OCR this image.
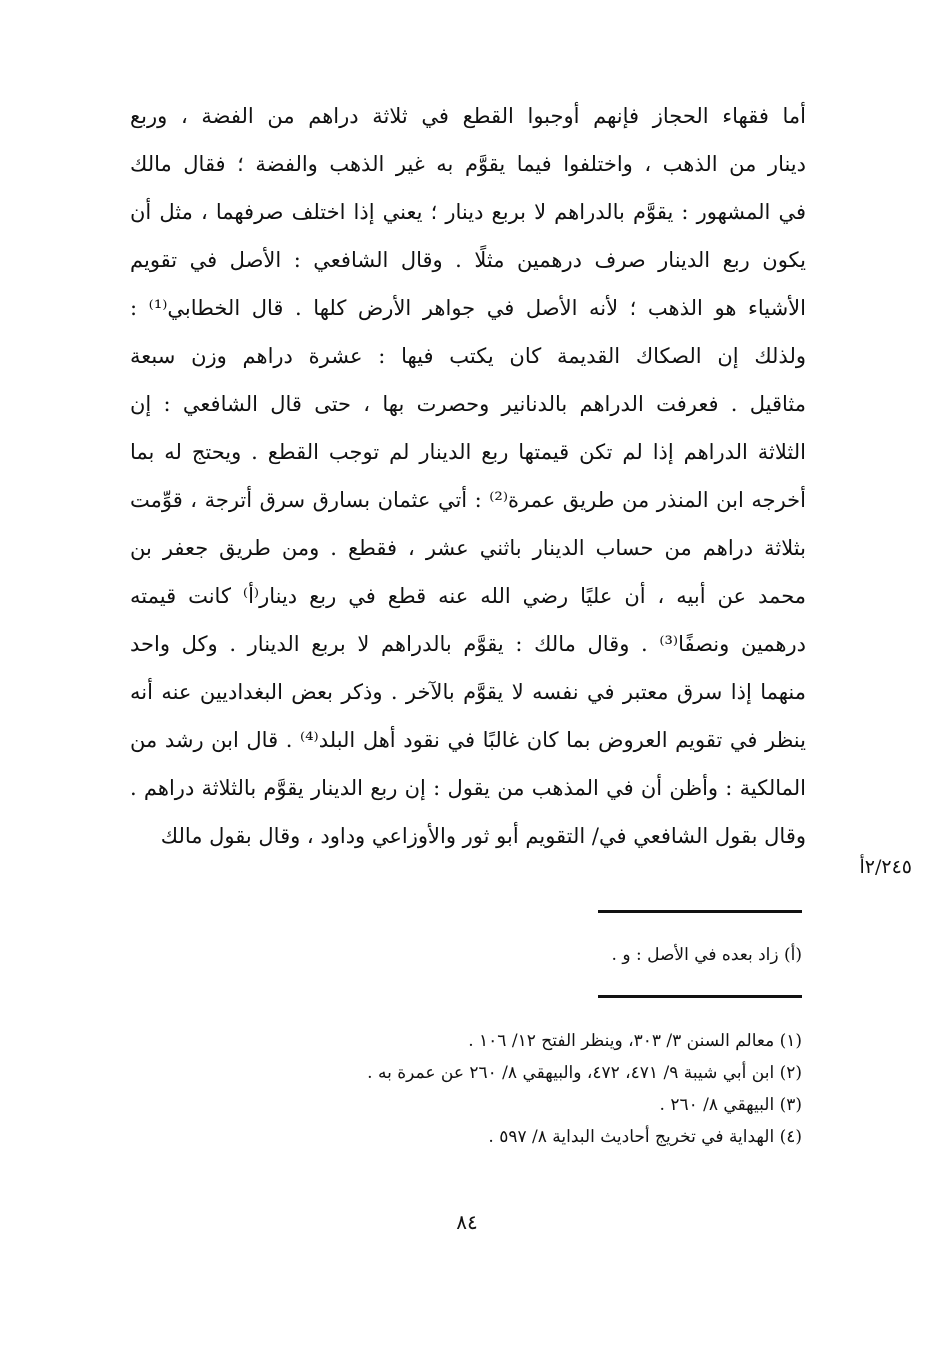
أما فقهاء الحجاز فإنهم أوجبوا القطع في ثلاثة دراهم من الفضة ، وربع
دينار من الذهب ، واختلفوا فيما يقوَّم به غير الذهب والفضة ؛ فقال مالك
في المشهور : يقوَّم بالدراهم لا بربع دينار ؛ يعني إذا اختلف صرفهما ، مثل أن
يكون ربع الدينار صرف درهمين مثلًا . وقال الشافعي : الأصل في تقويم
الأشياء هو الذهب ؛ لأنه الأصل في جواهر الأرض كلها . قال الخطابي⁽¹⁾ :
ولذلك إن الصكاك القديمة كان يكتب فيها : عشرة دراهم وزن سبعة
مثاقيل . فعرفت الدراهم بالدنانير وحصرت بها ، حتى قال الشافعي : إن
الثلاثة الدراهم إذا لم تكن قيمتها ربع الدينار لم توجب القطع . ويحتج له بما
أخرجه ابن المنذر من طريق عمرة⁽²⁾ : أتي عثمان بسارق سرق أترجة ، قوِّمت
بثلاثة دراهم من حساب الدينار باثني عشر ، فقطع . ومن طريق جعفر بن
محمد عن أبيه ، أن عليًا رضي الله عنه قطع في ربع دينار⁽أ⁾ كانت قيمته
درهمين ونصفًا⁽³⁾ . وقال مالك : يقوَّم بالدراهم لا بربع الدينار . وكل واحد
منهما إذا سرق معتبر في نفسه لا يقوَّم بالآخر . وذكر بعض البغداديين عنه أنه
ينظر في تقويم العروض بما كان غالبًا في نقود أهل البلد⁽⁴⁾ . قال ابن رشد من
المالكية : وأظن أن في المذهب من يقول : إن ربع الدينار يقوَّم بالثلاثة دراهم .
وقال بقول الشافعي في/ التقويم أبو ثور والأوزاعي وداود ، وقال بقول مالك
٢/٢٤٥أ
(أ) زاد بعده في الأصل : و .
(١) معالم السنن ٣/ ٣٠٣، وينظر الفتح ١٢/ ١٠٦ .
(٢) ابن أبي شيبة ٩/ ٤٧١، ٤٧٢، والبيهقي ٨/ ٢٦٠ عن عمرة به .
(٣) البيهقي ٨/ ٢٦٠ .
(٤) الهداية في تخريج أحاديث البداية ٨/ ٥٩٧ .
٨٤
